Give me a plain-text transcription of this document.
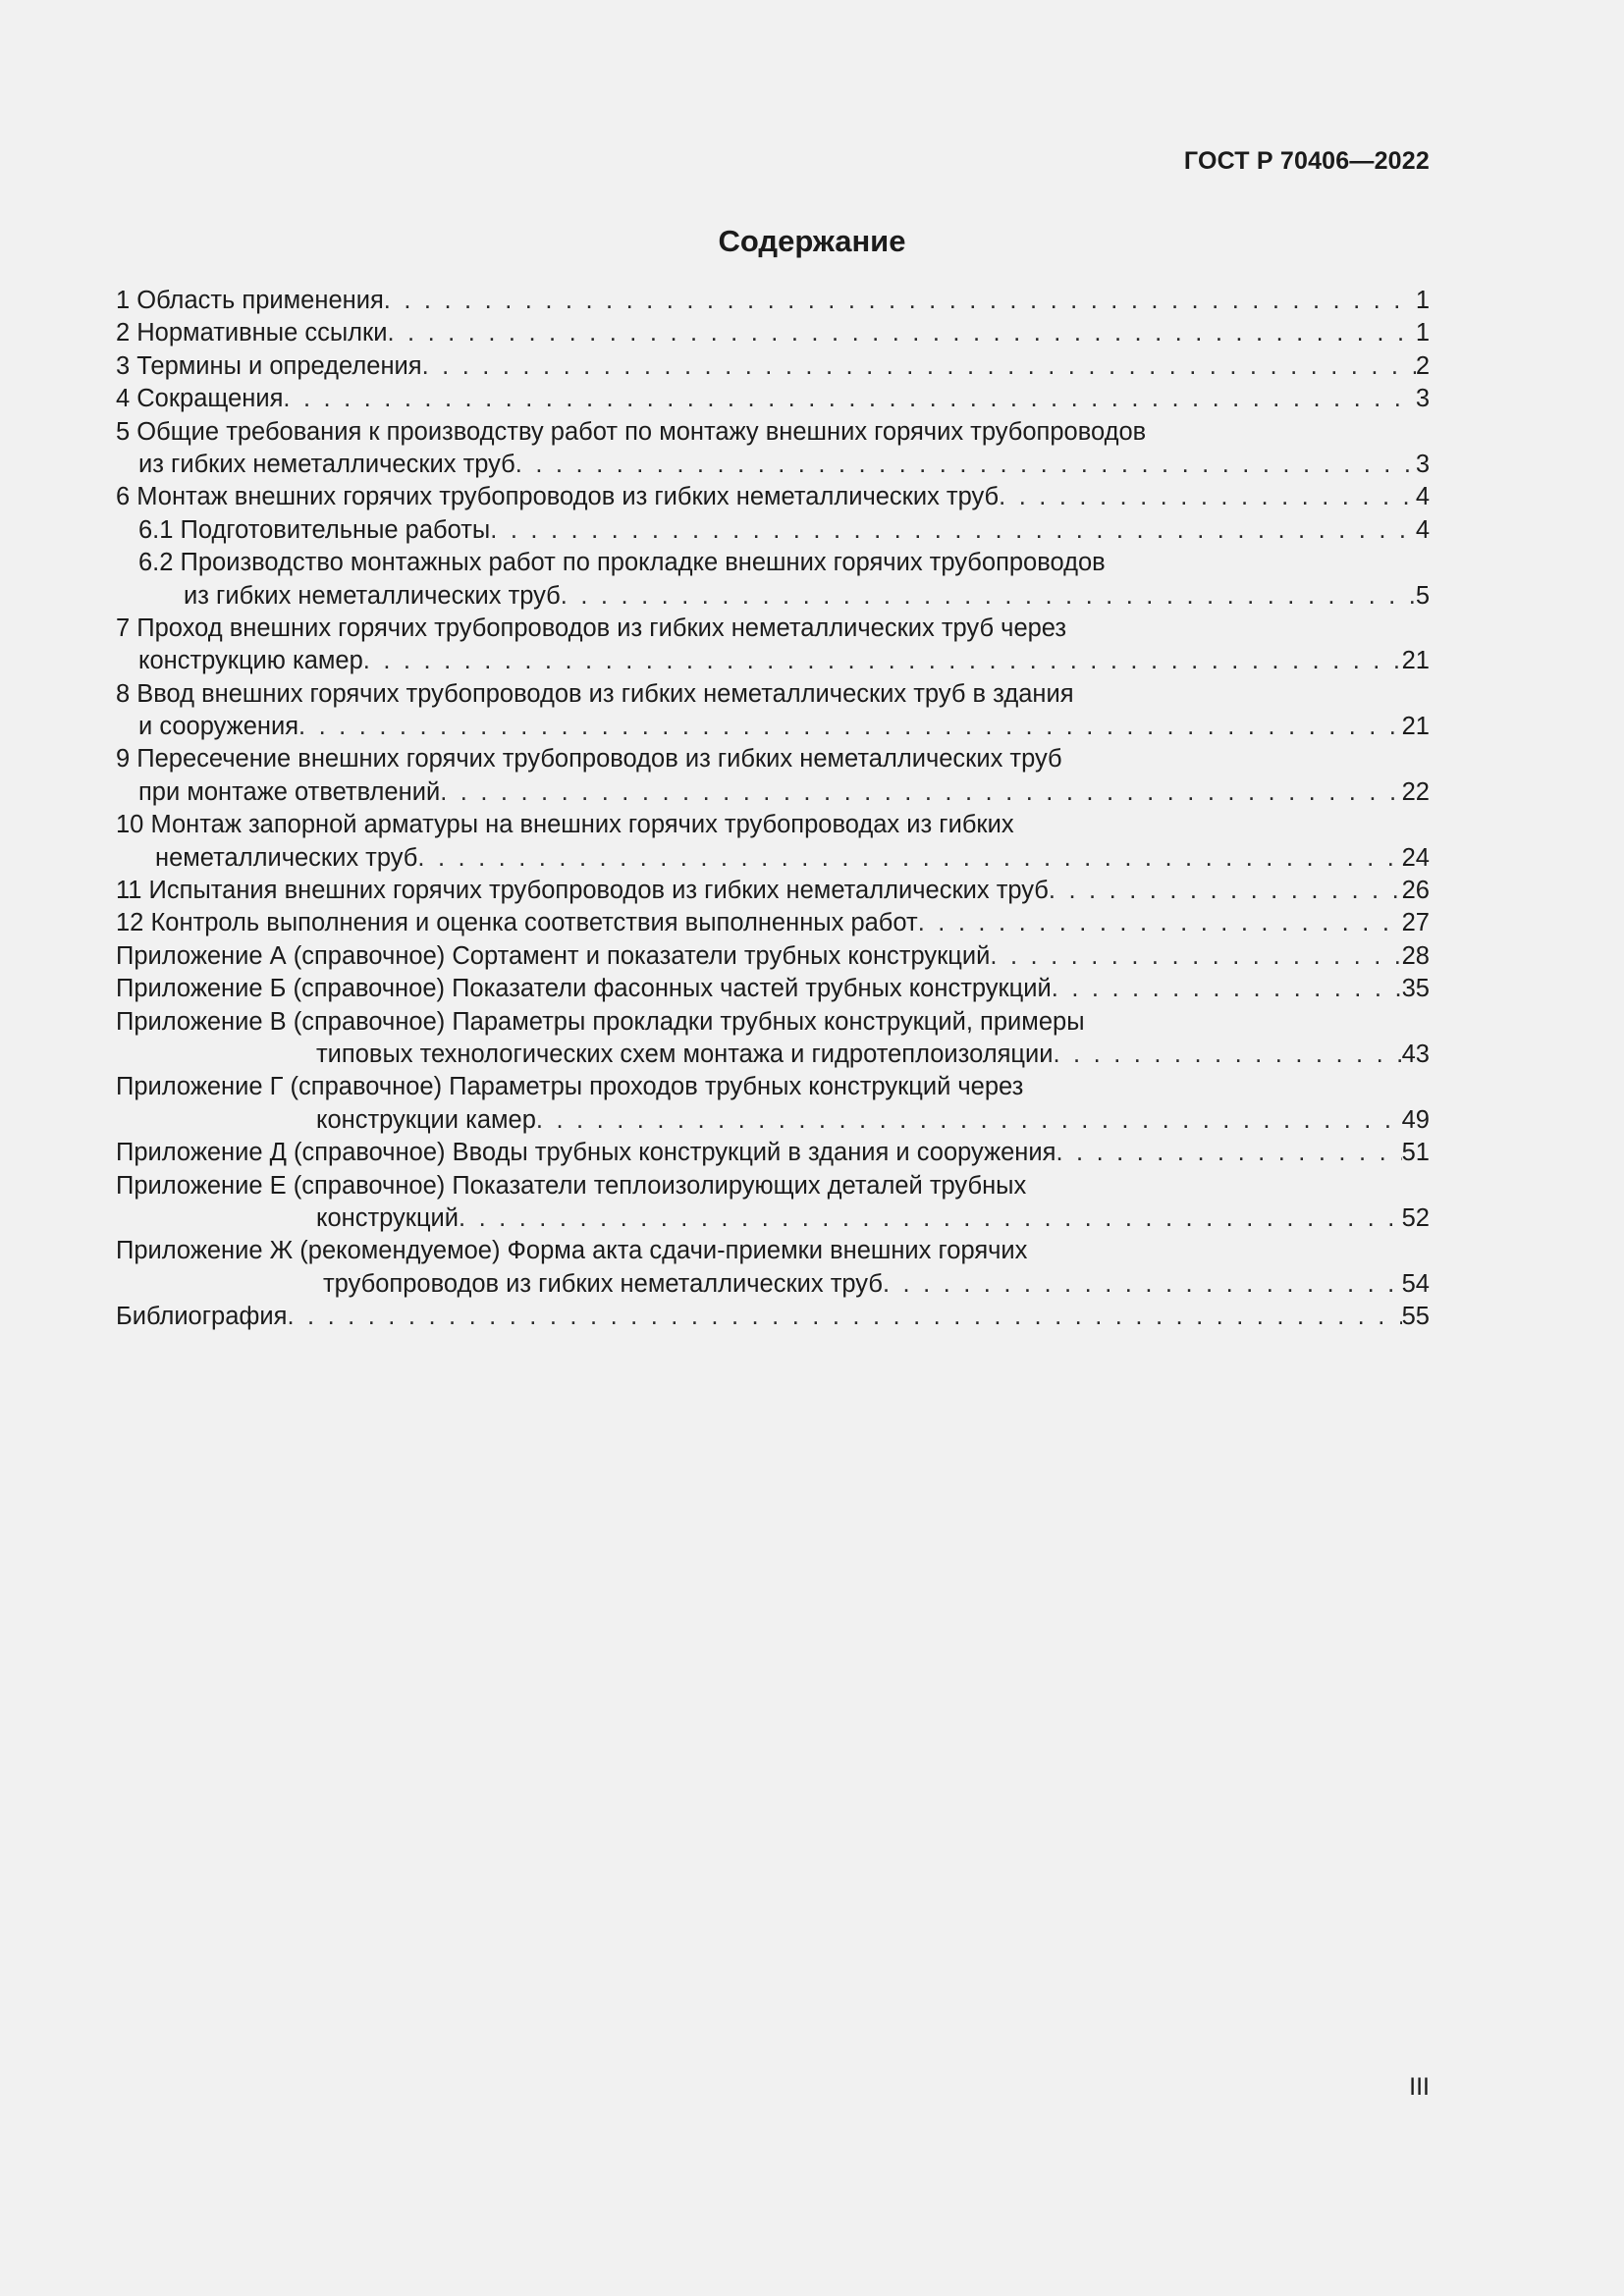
ГОСТ Р 70406—2022
Содержание
1 Область применения . . .	1
2 Нормативные ссылки . . .	1
3 Термины и определения . . .	2
4 Сокращения . . .	3
5 Общие требования к производству работ по монтажу внешних горячих трубопроводов
из гибких неметаллических труб . . .	3
6 Монтаж внешних горячих трубопроводов из гибких неметаллических труб . . .	4
6.1 Подготовительные работы . . .	4
6.2 Производство монтажных работ по прокладке внешних горячих трубопроводов
из гибких неметаллических труб . . .	5
7 Проход внешних горячих трубопроводов из гибких неметаллических труб через
конструкцию камер . . .	21
8 Ввод внешних горячих трубопроводов из гибких неметаллических труб в здания
и сооружения . . .	21
9 Пересечение внешних горячих трубопроводов из гибких неметаллических труб
при монтаже ответвлений . . .	22
10 Монтаж запорной арматуры на внешних горячих трубопроводах из гибких
неметаллических труб . . .	24
11 Испытания внешних горячих трубопроводов из гибких неметаллических труб . . .	26
12 Контроль выполнения и оценка соответствия выполненных работ . . .	27
Приложение А (справочное) Сортамент и показатели трубных конструкций . . .	28
Приложение Б (справочное) Показатели фасонных частей трубных конструкций . . .	35
Приложение В (справочное) Параметры прокладки трубных конструкций, примеры
типовых технологических схем монтажа и гидротеплоизоляции . . .	43
Приложение Г (справочное) Параметры проходов трубных конструкций через
конструкции камер . . .	49
Приложение Д (справочное) Вводы трубных конструкций в здания и сооружения . . .	51
Приложение Е (справочное) Показатели теплоизолирующих деталей трубных
конструкций . . .	52
Приложение Ж (рекомендуемое) Форма акта сдачи-приемки внешних горячих
трубопроводов из гибких неметаллических труб . . .	54
Библиография . . .	55
III
